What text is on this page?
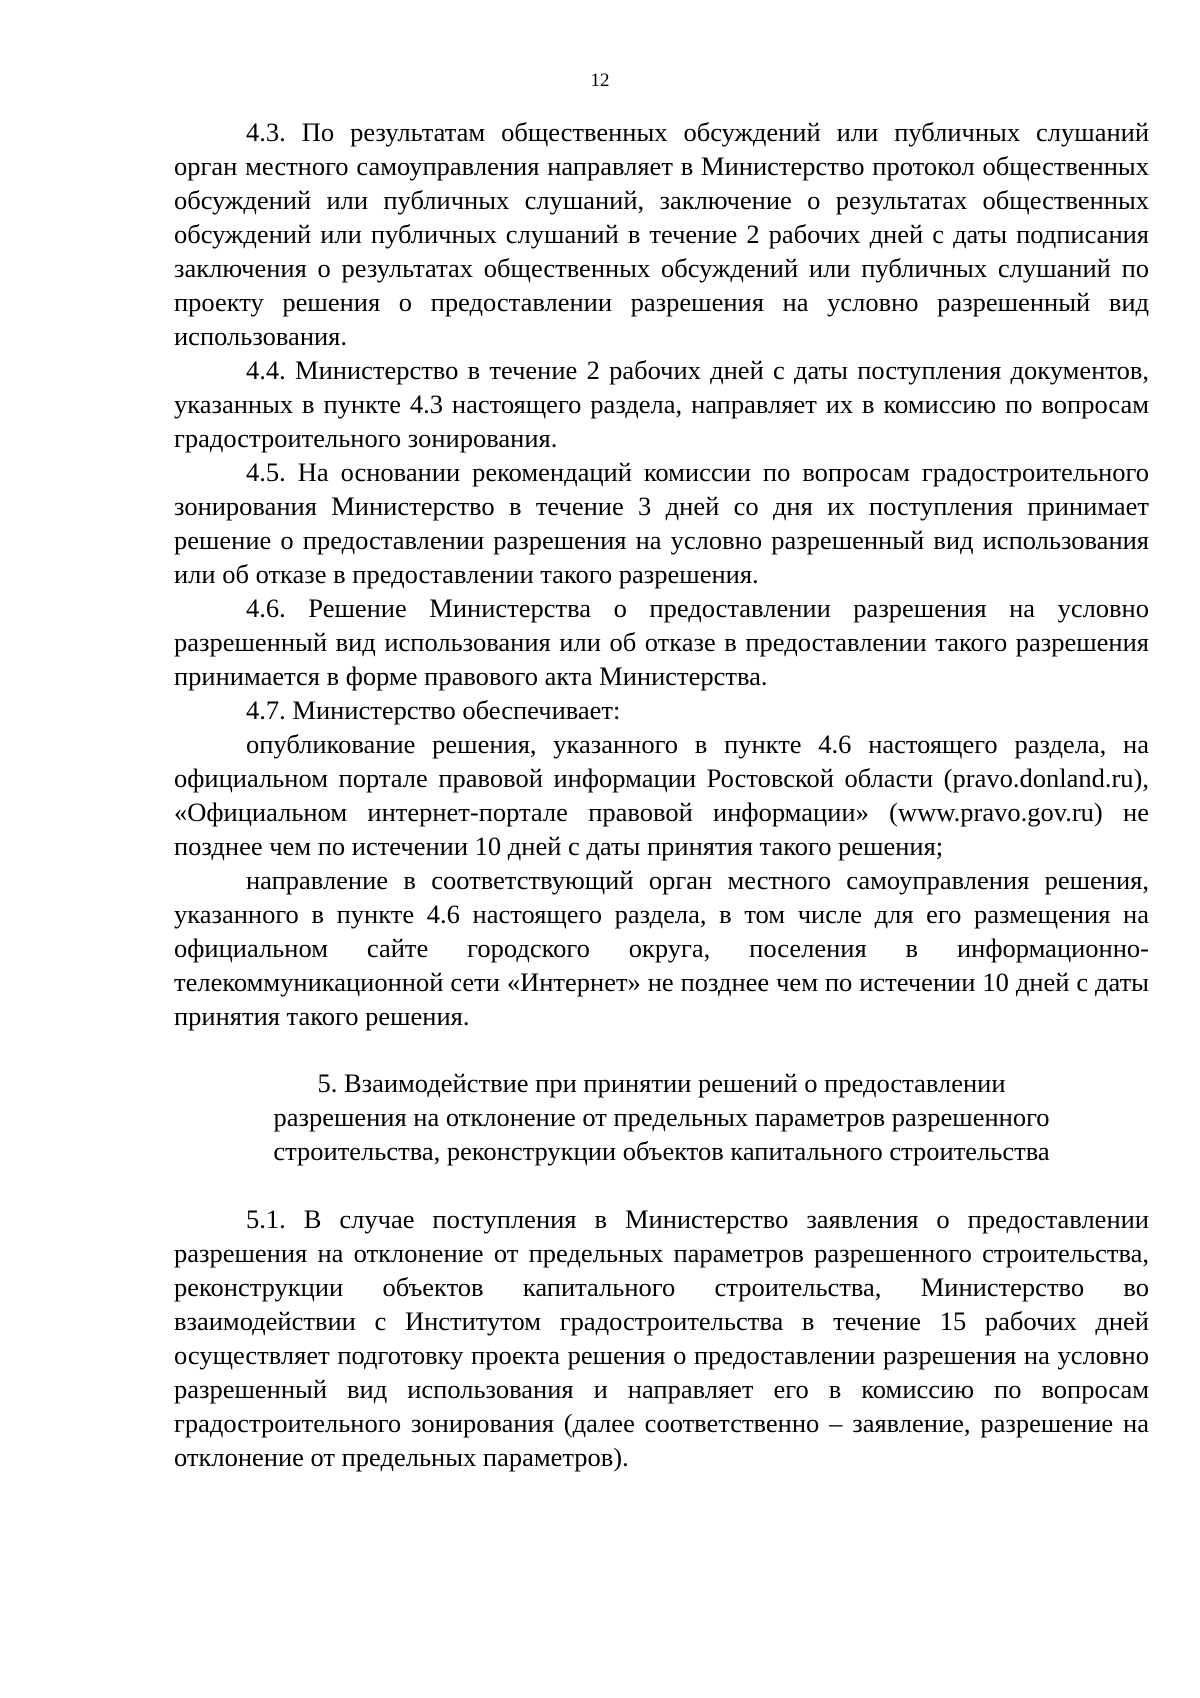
12

4.3. По результатам общественных обсуждений или публичных слушаний орган местного самоуправления направляет в Министерство протокол общественных обсуждений или публичных слушаний, заключение о результатах общественных обсуждений или публичных слушаний в течение 2 рабочих дней с даты подписания заключения о результатах общественных обсуждений или публичных слушаний по проекту решения о предоставлении разрешения на условно разрешенный вид использования.

4.4. Министерство в течение 2 рабочих дней с даты поступления документов, указанных в пункте 4.3 настоящего раздела, направляет их в комиссию по вопросам градостроительного зонирования.

4.5. На основании рекомендаций комиссии по вопросам градостроительного зонирования Министерство в течение 3 дней со дня их поступления принимает решение о предоставлении разрешения на условно разрешенный вид использования или об отказе в предоставлении такого разрешения.

4.6. Решение Министерства о предоставлении разрешения на условно разрешенный вид использования или об отказе в предоставлении такого разрешения принимается в форме правового акта Министерства.

4.7. Министерство обеспечивает:

опубликование решения, указанного в пункте 4.6 настоящего раздела, на официальном портале правовой информации Ростовской области (pravo.donland.ru), «Официальном интернет-портале правовой информации» (www.pravo.gov.ru) не позднее чем по истечении 10 дней с даты принятия такого решения;

направление в соответствующий орган местного самоуправления решения, указанного в пункте 4.6 настоящего раздела, в том числе для его размещения на официальном сайте городского округа, поселения в информационно-телекоммуникационной сети «Интернет» не позднее чем по истечении 10 дней с даты принятия такого решения.

5. Взаимодействие при принятии решений о предоставлении
разрешения на отклонение от предельных параметров разрешенного
строительства, реконструкции объектов капитального строительства

5.1. В случае поступления в Министерство заявления о предоставлении разрешения на отклонение от предельных параметров разрешенного строительства, реконструкции объектов капитального строительства, Министерство во взаимодействии с Институтом градостроительства в течение 15 рабочих дней осуществляет подготовку проекта решения о предоставлении разрешения на условно разрешенный вид использования и направляет его в комиссию по вопросам градостроительного зонирования (далее соответственно – заявление, разрешение на отклонение от предельных параметров).
